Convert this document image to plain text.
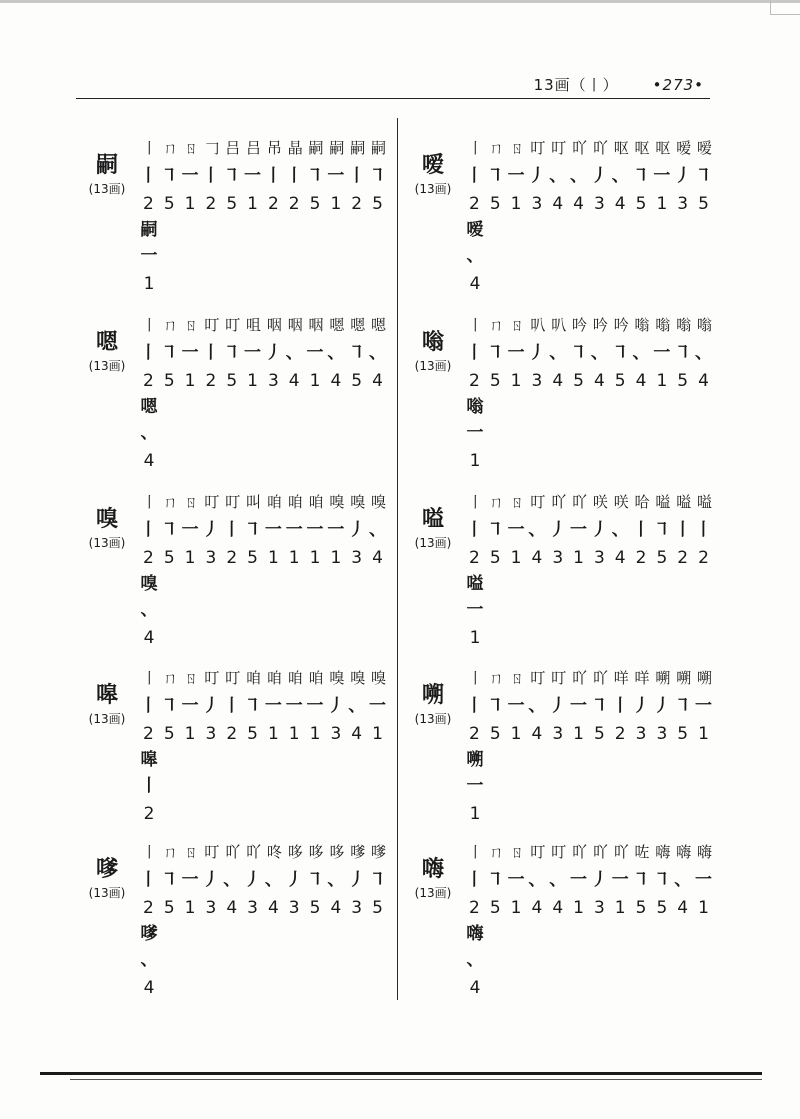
13画（丨） •273•
嗣
(13画)
丨 ㄇ ㄖ 𠃌 吕 吕 吊 晶 嗣 嗣 嗣 嗣
丨 ㇕ 一 丨 ㇕ 一 丨 丨 ㇕ 一 丨 ㇕
2 5 1 2 5 1 2 2 5 1 2 5
嗣
一
1
嗯
(13画)
丨 ㄇ ㄖ 叮 叮 咀 咽 咽 咽 嗯 嗯 嗯
丨 ㇕ 一 丨 ㇕ 一 丿 、 一 、 ㇕ 、
2 5 1 2 5 1 3 4 1 4 5 4
嗯
、
4
嗅
(13画)
丨 ㄇ ㄖ 叮 叮 叫 咱 咱 咱 嗅 嗅 嗅
丨 ㇕ 一 丿 丨 ㇕ 一 一 一 一 丿 、
2 5 1 3 2 5 1 1 1 1 3 4
嗅
、
4
嗥
(13画)
丨 ㄇ ㄖ 叮 叮 咱 咱 咱 咱 嗅 嗅 嗅
丨 ㇕ 一 丿 丨 ㇕ 一 一 一 丿 、 一
2 5 1 3 2 5 1 1 1 3 4 1
嗥
丨
2
嗲
(13画)
丨 ㄇ ㄖ 叮 吖 吖 咚 哆 哆 哆 嗲 嗲
丨 ㇕ 一 丿 、 丿 、 丿 ㇕ 、 丿 ㇕
2 5 1 3 4 3 4 3 5 4 3 5
嗲
、
4
嗳
(13画)
丨 ㄇ ㄖ 叮 叮 吖 吖 呕 呕 呕 嗳 嗳
丨 ㇕ 一 丿 、 、 丿 、 ㇕ 一 丿 ㇕
2 5 1 3 4 4 3 4 5 1 3 5
嗳
、
4
嗡
(13画)
丨 ㄇ ㄖ 叭 叭 吟 吟 吟 嗡 嗡 嗡 嗡
丨 ㇕ 一 丿 、 ㇕ 、 ㇕ 、 一 ㇕ 、
2 5 1 3 4 5 4 5 4 1 5 4
嗡
一
1
嗌
(13画)
丨 ㄇ ㄖ 叮 吖 吖 咲 咲 哈 嗌 嗌 嗌
丨 ㇕ 一 、 丿 一 丿 、 丨 ㇕ 丨 丨
2 5 1 4 3 1 3 4 2 5 2 2
嗌
一
1
嗍
(13画)
丨 ㄇ ㄖ 叮 叮 吖 吖 咩 咩 嗍 嗍 嗍
丨 ㇕ 一 、 丿 一 ㇕ 丨 丿 丿 ㇕ 一
2 5 1 4 3 1 5 2 3 3 5 1
嗍
一
1
嗨
(13画)
丨 ㄇ ㄖ 叮 叮 吖 吖 吖 咗 嗨 嗨 嗨
丨 ㇕ 一 、 、 一 丿 一 ㇕ ㇕ 、 一
2 5 1 4 4 1 3 1 5 5 4 1
嗨
、
4
